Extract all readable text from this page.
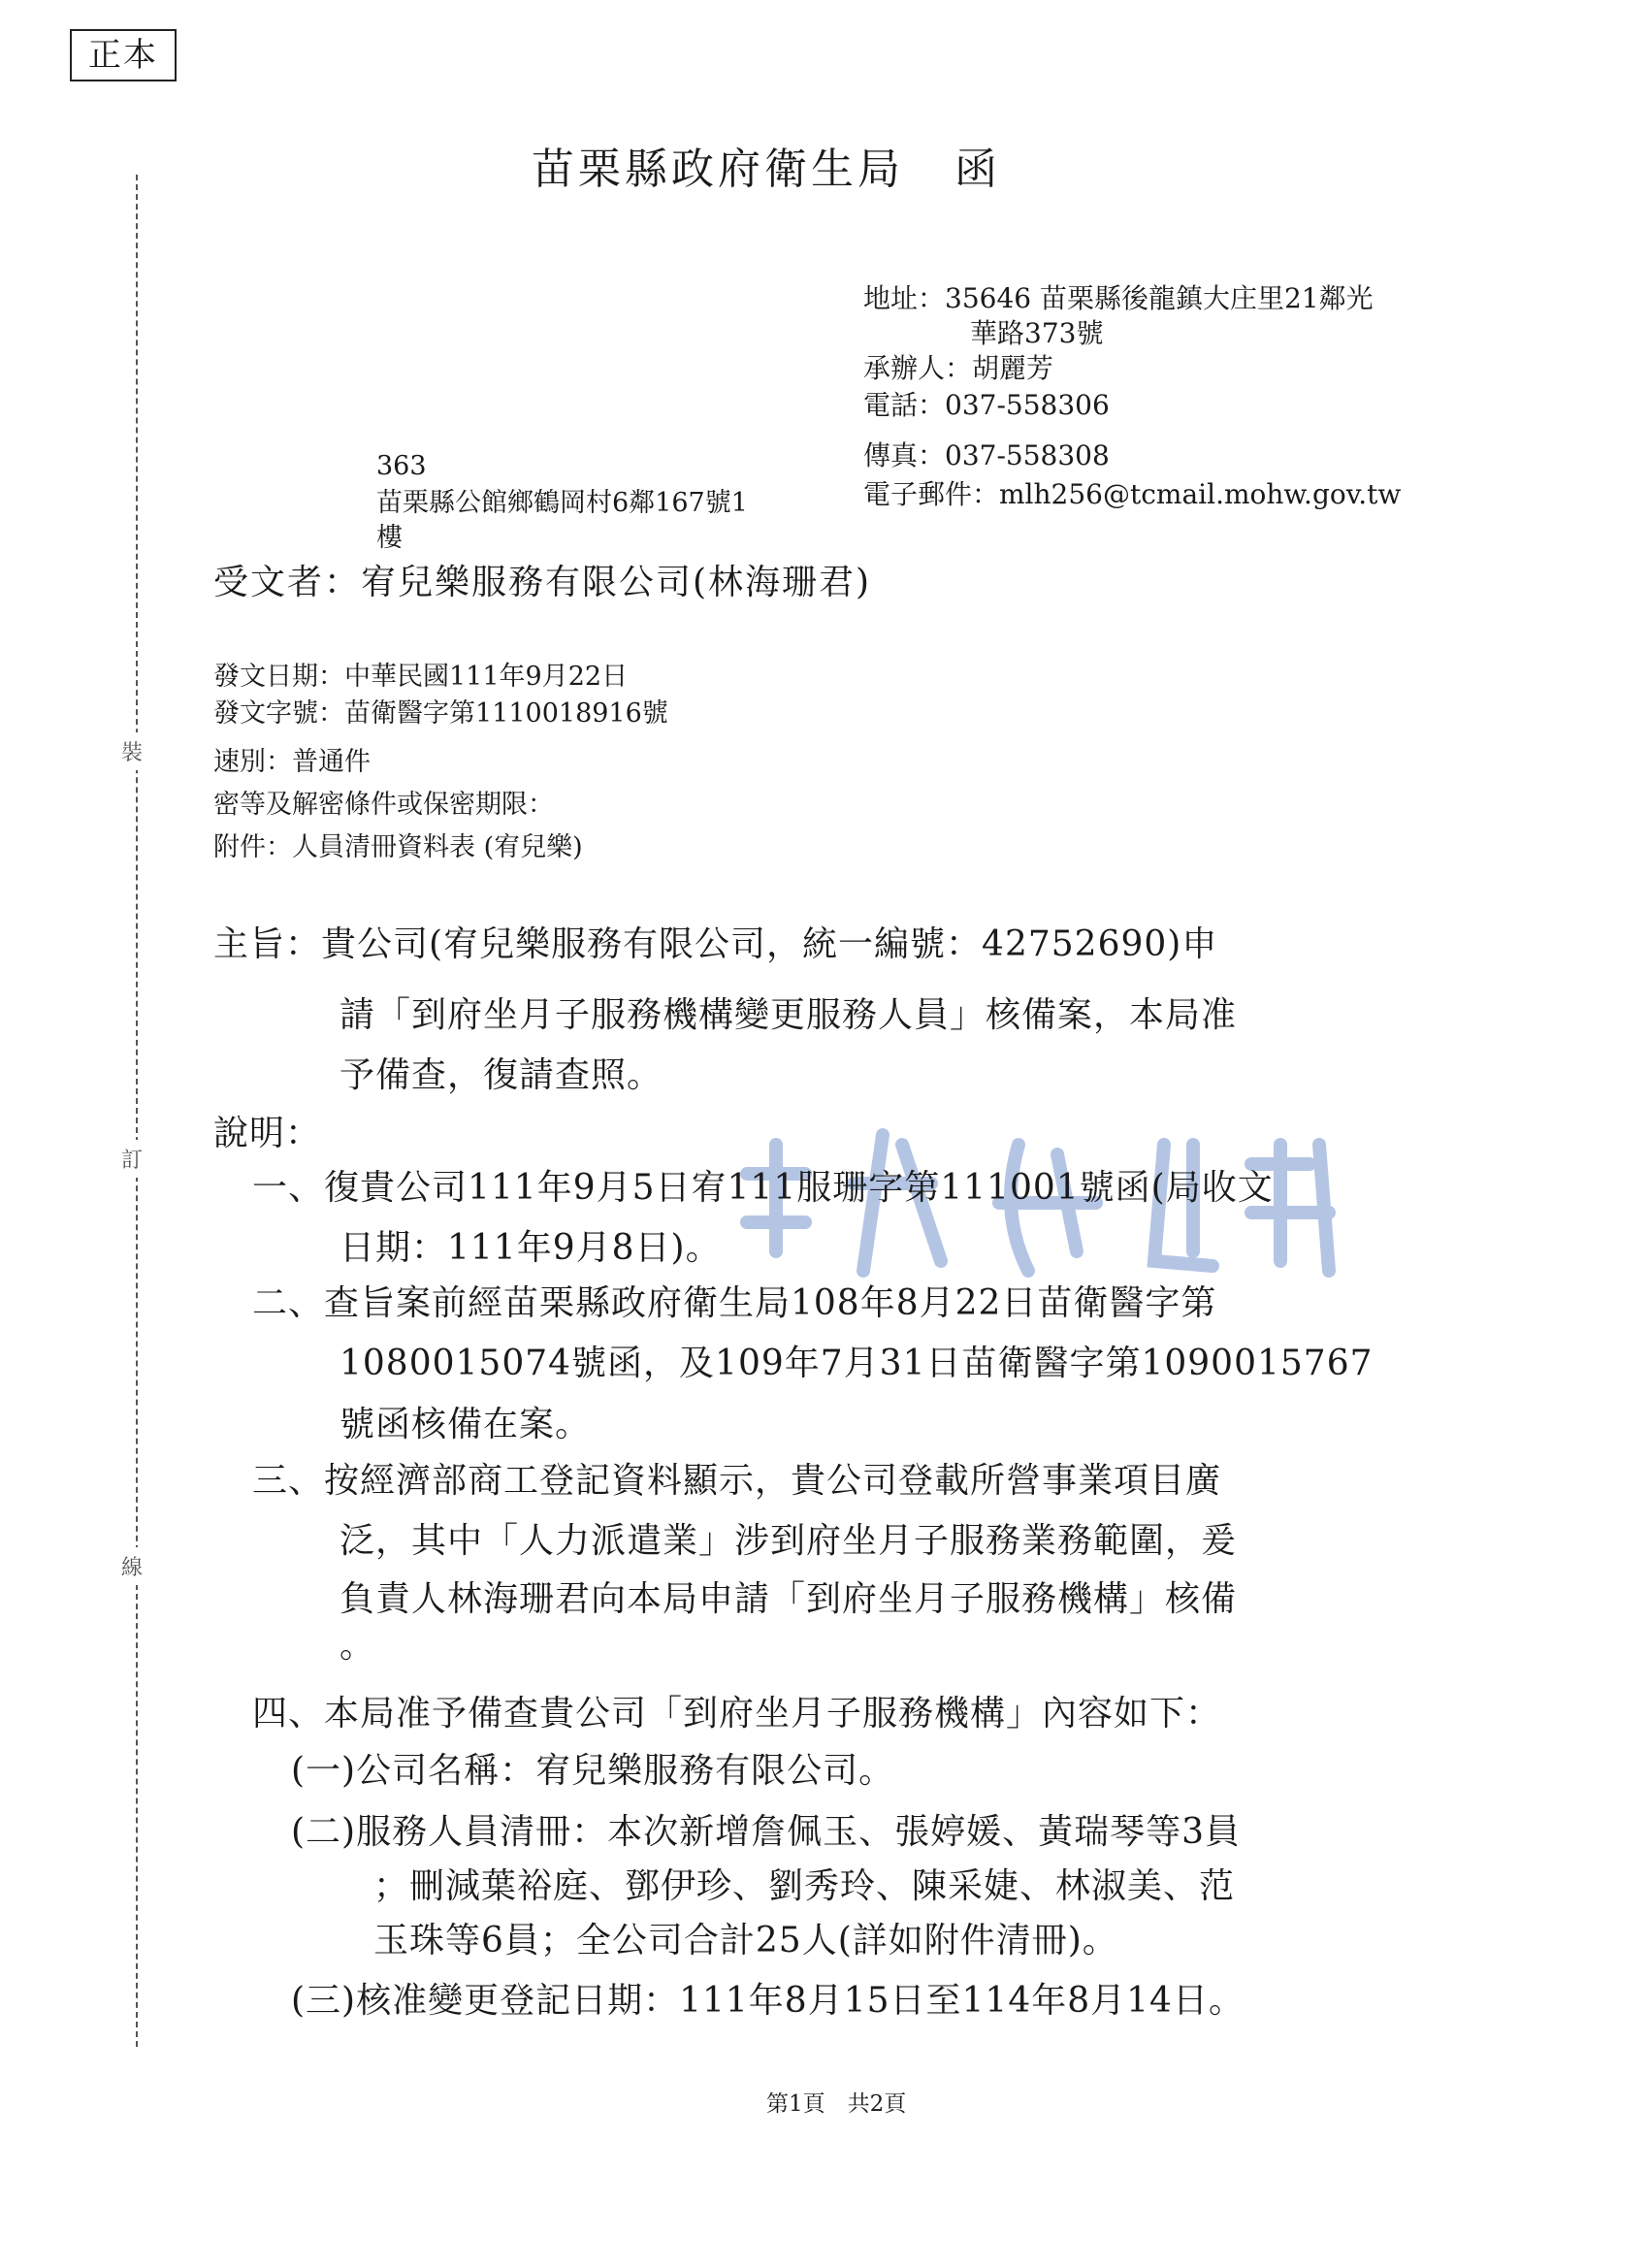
正本
裝
訂
線
苗栗縣政府衛生局 函
地址：35646 苗栗縣後龍鎮大庄里21鄰光
華路373號
承辦人：胡麗芳
電話：037-558306
傳真：037-558308
電子郵件：mlh256@tcmail.mohw.gov.tw
363
苗栗縣公館鄉鶴岡村6鄰167號1
樓
受文者：宥兒樂服務有限公司(林海珊君)
發文日期：中華民國111年9月22日
發文字號：苗衛醫字第1110018916號
速別：普通件
密等及解密條件或保密期限：
附件：人員清冊資料表 (宥兒樂)
主旨：貴公司(宥兒樂服務有限公司，統一編號：42752690)申
請「到府坐月子服務機構變更服務人員」核備案，本局准
予備查，復請查照。
說明：
一、復貴公司111年9月5日宥111服珊字第111001號函(局收文
日期：111年9月8日)。
二、查旨案前經苗栗縣政府衛生局108年8月22日苗衛醫字第
1080015074號函，及109年7月31日苗衛醫字第1090015767
號函核備在案。
三、按經濟部商工登記資料顯示，貴公司登載所營事業項目廣
泛，其中「人力派遣業」涉到府坐月子服務業務範圍，爰
負責人林海珊君向本局申請「到府坐月子服務機構」核備
。
四、本局准予備查貴公司「到府坐月子服務機構」內容如下：
(一)公司名稱：宥兒樂服務有限公司。
(二)服務人員清冊：本次新增詹佩玉、張婷媛、黃瑞琴等3員
；刪減葉裕庭、鄧伊珍、劉秀玲、陳采婕、林淑美、范
玉珠等6員；全公司合計25人(詳如附件清冊)。
(三)核准變更登記日期：111年8月15日至114年8月14日。
第1頁　共2頁
